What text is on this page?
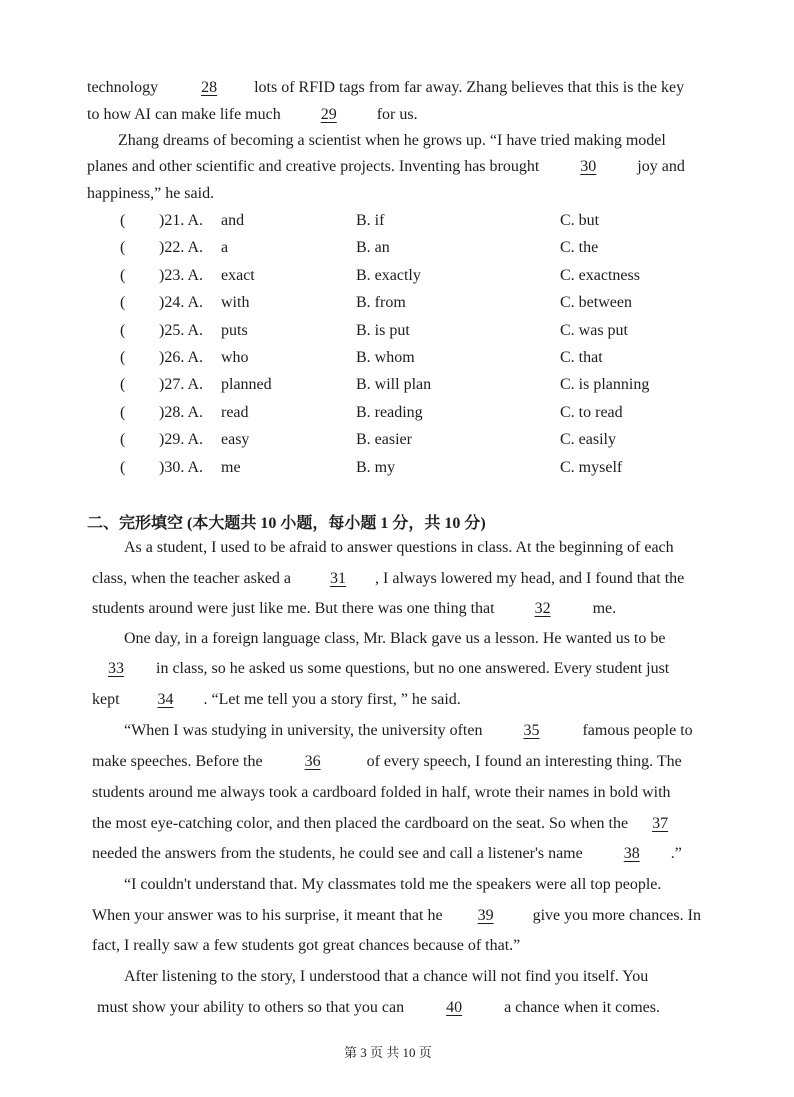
technology	28 lots of RFID tags from far away. Zhang believes that this is the key
to how AI can make life much	29	for us.
Zhang dreams of becoming a scientist when he grows up. “I have tried making model
planes and other scientific and creative projects. Inventing has brought	30	joy and
happiness,” he said.
( )21. A. and	B. if	C. but
( )22. A. a	B. an	C. the
( )23. A. exact	B. exactly	C. exactness
( )24. A. with	B. from	C. between
( )25. A. puts	B. is put	C. was put
( )26. A. who	B. whom	C. that
( )27. A. planned	B. will plan	C. is planning
( )28. A. read	B. reading	C. to read
( )29. A. easy	B. easier	C. easily
( )30. A. me	B. my	C. myself
二、完形填空 (本大题共 10 小题，每小题 1 分，共 10 分)
As a student, I used to be afraid to answer questions in class. At the beginning of each
class, when the teacher asked a 31 , I always lowered my head, and I found that the
students around were just like me. But there was one thing that	32	me.
One day, in a foreign language class, Mr. Black gave us a lesson. He wanted us to be
33 in class, so he asked us some questions, but no one answered. Every student just
kept 34 . “Let me tell you a story first, ” he said.
“When I was studying in university, the university often	35	famous people to
make speeches. Before the	36	of every speech, I found an interesting thing. The
students around me always took a cardboard folded in half, wrote their names in bold with
the most eye-catching color, and then placed the cardboard on the seat. So when the 37
needed the answers from the students, he could see and call a listener's name	38 .”
“I couldn't understand that. My classmates told me the speakers were all top people.
When your answer was to his surprise, it meant that he 39 give you more chances. In
fact, I really saw a few students got great chances because of that.”
After listening to the story, I understood that a chance will not find you itself. You
must show your ability to others so that you can	40	a chance when it comes.
第 3 页 共 10 页
